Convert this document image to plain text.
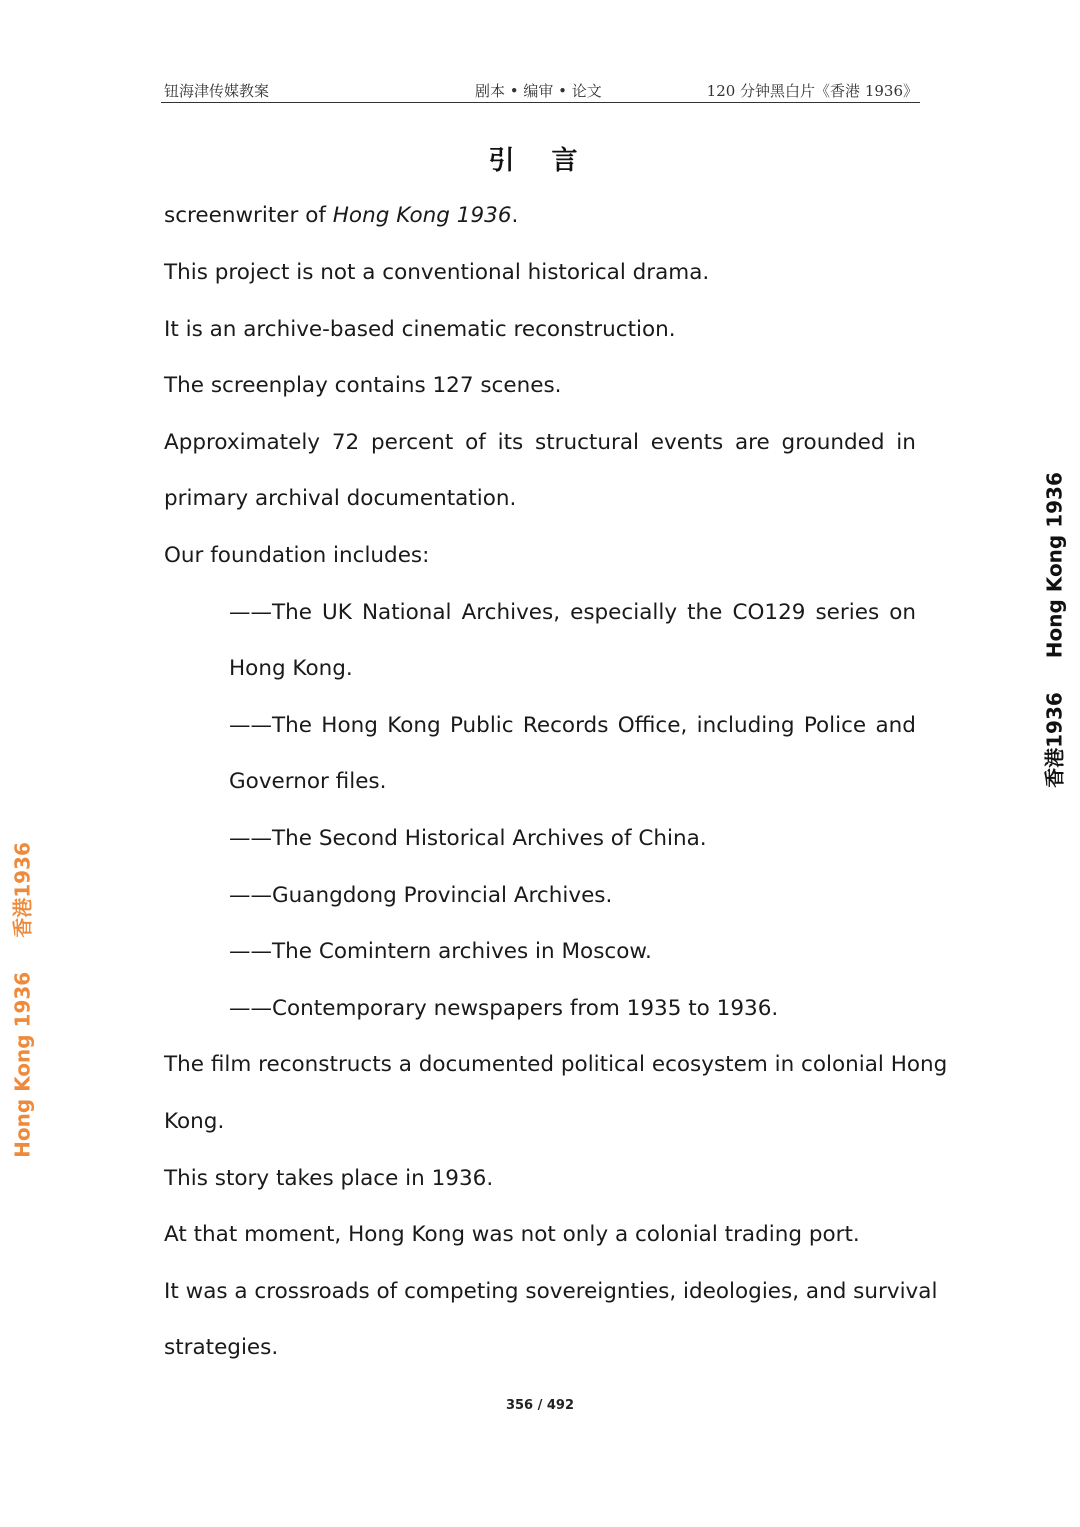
钮海津传媒教案	剧本 • 编审 • 论文	120 分钟黑白片《香港 1936》
引 言
screenwriter of Hong Kong 1936.
This project is not a conventional historical drama.
It is an archive-based cinematic reconstruction.
The screenplay contains 127 scenes.
Approximately 72 percent of its structural events are grounded in
primary archival documentation.
Our foundation includes:
——The UK National Archives, especially the CO129 series on
Hong Kong.
——The Hong Kong Public Records Office, including Police and
Governor files.
——The Second Historical Archives of China.
——Guangdong Provincial Archives.
——The Comintern archives in Moscow.
——Contemporary newspapers from 1935 to 1936.
The film reconstructs a documented political ecosystem in colonial Hong
Kong.
This story takes place in 1936.
At that moment, Hong Kong was not only a colonial trading port.
It was a crossroads of competing sovereignties, ideologies, and survival
strategies.
356 / 492
香港1936Hong Kong 1936
Hong Kong 1936香港1936
